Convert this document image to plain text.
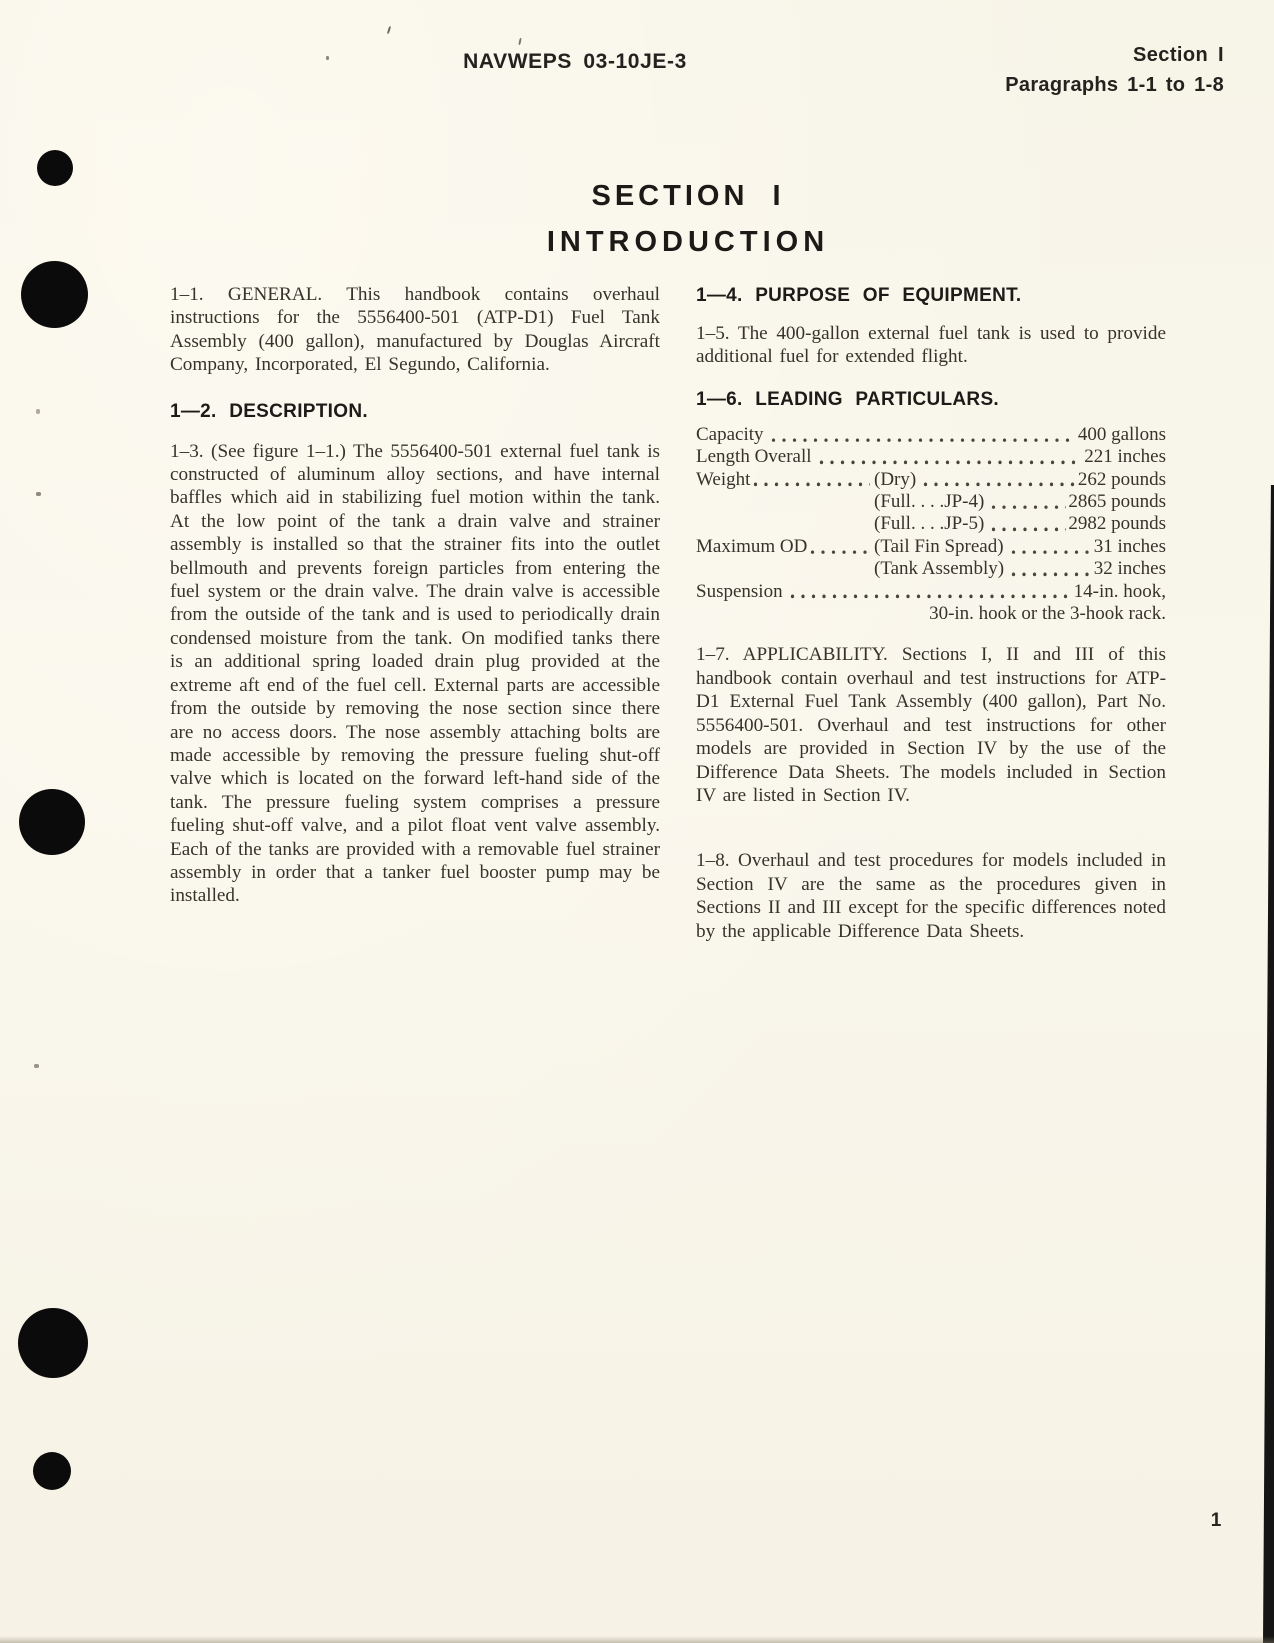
NAVWEPS 03-10JE-3	Section I
Paragraphs 1-1 to 1-8
SECTION I
INTRODUCTION

1–1. GENERAL. This handbook contains overhaul instructions for the 5556400-501 (ATP-D1) Fuel Tank Assembly (400 gallon), manufactured by Douglas Aircraft Company, Incorporated, El Segundo, California.

1—2. DESCRIPTION.

1–3. (See figure 1–1.) The 5556400-501 external fuel tank is constructed of aluminum alloy sections, and have internal baffles which aid in stabilizing fuel motion within the tank. At the low point of the tank a drain valve and strainer assembly is installed so that the strainer fits into the outlet bellmouth and prevents foreign particles from entering the fuel system or the drain valve. The drain valve is accessible from the outside of the tank and is used to periodically drain condensed moisture from the tank. On modified tanks there is an additional spring loaded drain plug provided at the extreme aft end of the fuel cell. External parts are accessible from the outside by removing the nose section since there are no access doors. The nose assembly attaching bolts are made accessible by removing the pressure fueling shut-off valve which is located on the forward left-hand side of the tank. The pressure fueling system comprises a pressure fueling shut-off valve, and a pilot float vent valve assembly. Each of the tanks are provided with a removable fuel strainer assembly in order that a tanker fuel booster pump may be installed.

1—4. PURPOSE OF EQUIPMENT.

1–5. The 400-gallon external fuel tank is used to provide additional fuel for extended flight.

1—6. LEADING PARTICULARS.

Capacity	400 gallons
Length Overall	221 inches
Weight	(Dry)	262 pounds
(Full. . . .JP-4)	2865 pounds
(Full. . . .JP-5)	2982 pounds
Maximum OD	(Tail Fin Spread)	31 inches
(Tank Assembly)	32 inches
Suspension	14-in. hook,
30-in. hook or the 3-hook rack.

1–7. APPLICABILITY. Sections I, II and III of this handbook contain overhaul and test instructions for ATP-D1 External Fuel Tank Assembly (400 gallon), Part No. 5556400-501. Overhaul and test instructions for other models are provided in Section IV by the use of the Difference Data Sheets. The models included in Section IV are listed in Section IV.

1–8. Overhaul and test procedures for models included in Section IV are the same as the procedures given in Sections II and III except for the specific differences noted by the applicable Difference Data Sheets.

1
